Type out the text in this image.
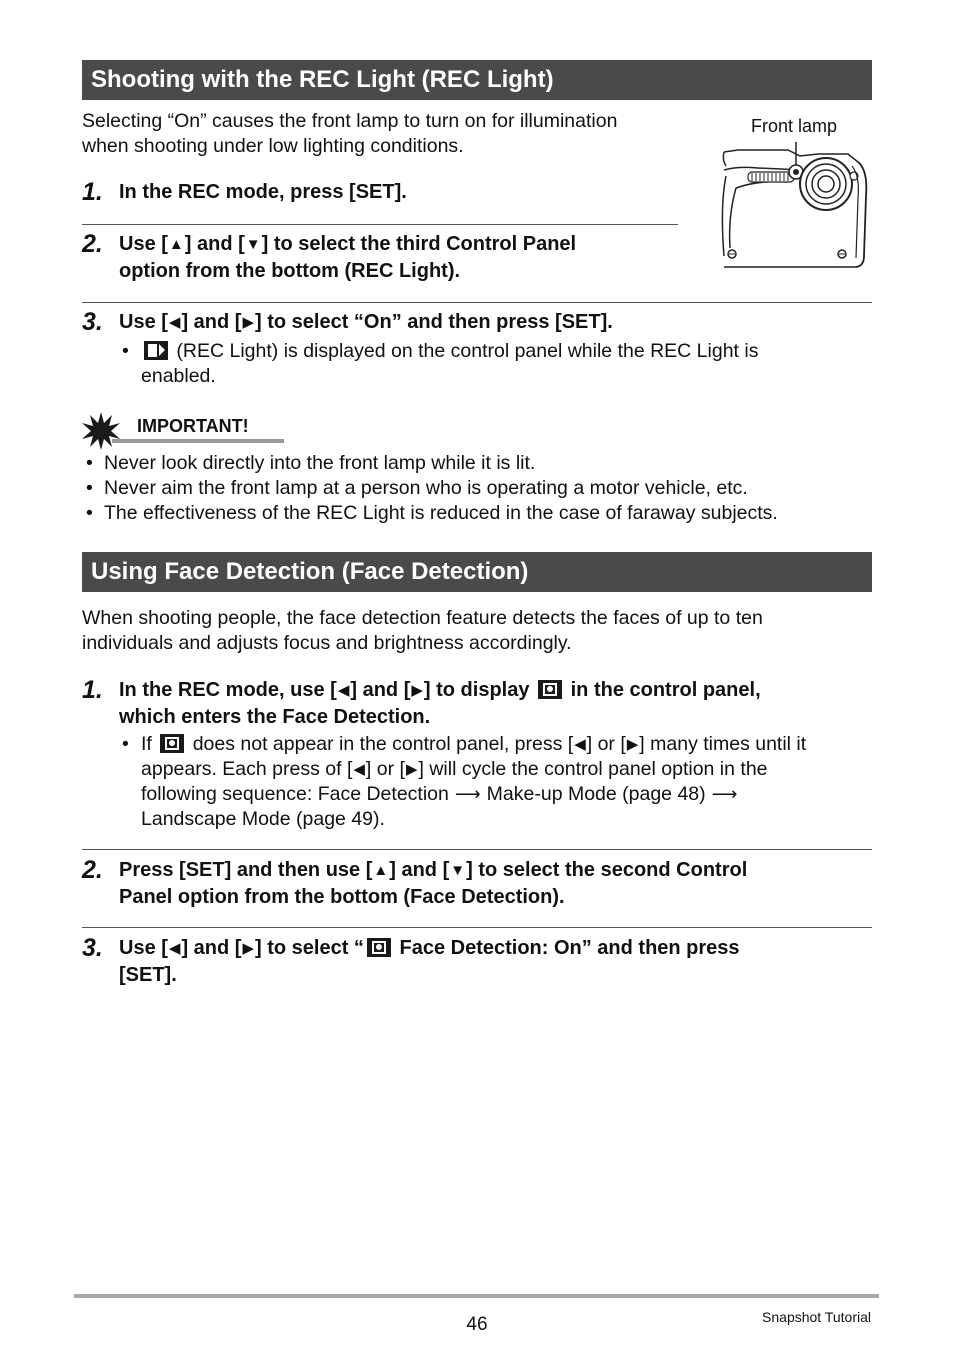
Shooting with the REC Light (REC Light)
Selecting “On” causes the front lamp to turn on for illumination
when shooting under low lighting conditions.
Front lamp
1. In the REC mode, press [SET].
2. Use [▲] and [▼] to select the third Control Panel
option from the bottom (REC Light).
3. Use [◀] and [▶] to select “On” and then press [SET].
•	(REC Light) is displayed on the control panel while the REC Light is
enabled.
IMPORTANT!
• Never look directly into the front lamp while it is lit.
• Never aim the front lamp at a person who is operating a motor vehicle, etc.
• The effectiveness of the REC Light is reduced in the case of faraway subjects.
Using Face Detection (Face Detection)
When shooting people, the face detection feature detects the faces of up to ten
individuals and adjusts focus and brightness accordingly.
1. In the REC mode, use [◀] and [▶] to display in the control panel,
which enters the Face Detection.
• If does not appear in the control panel, press [◀] or [▶] many times until it
appears. Each press of [◀] or [▶] will cycle the control panel option in the
following sequence: Face Detection ⟶ Make-up Mode (page 48) ⟶
Landscape Mode (page 49).
2. Press [SET] and then use [▲] and [▼] to select the second Control
Panel option from the bottom (Face Detection).
3. Use [◀] and [▶] to select “ Face Detection: On” and then press
[SET].
46	Snapshot Tutorial
